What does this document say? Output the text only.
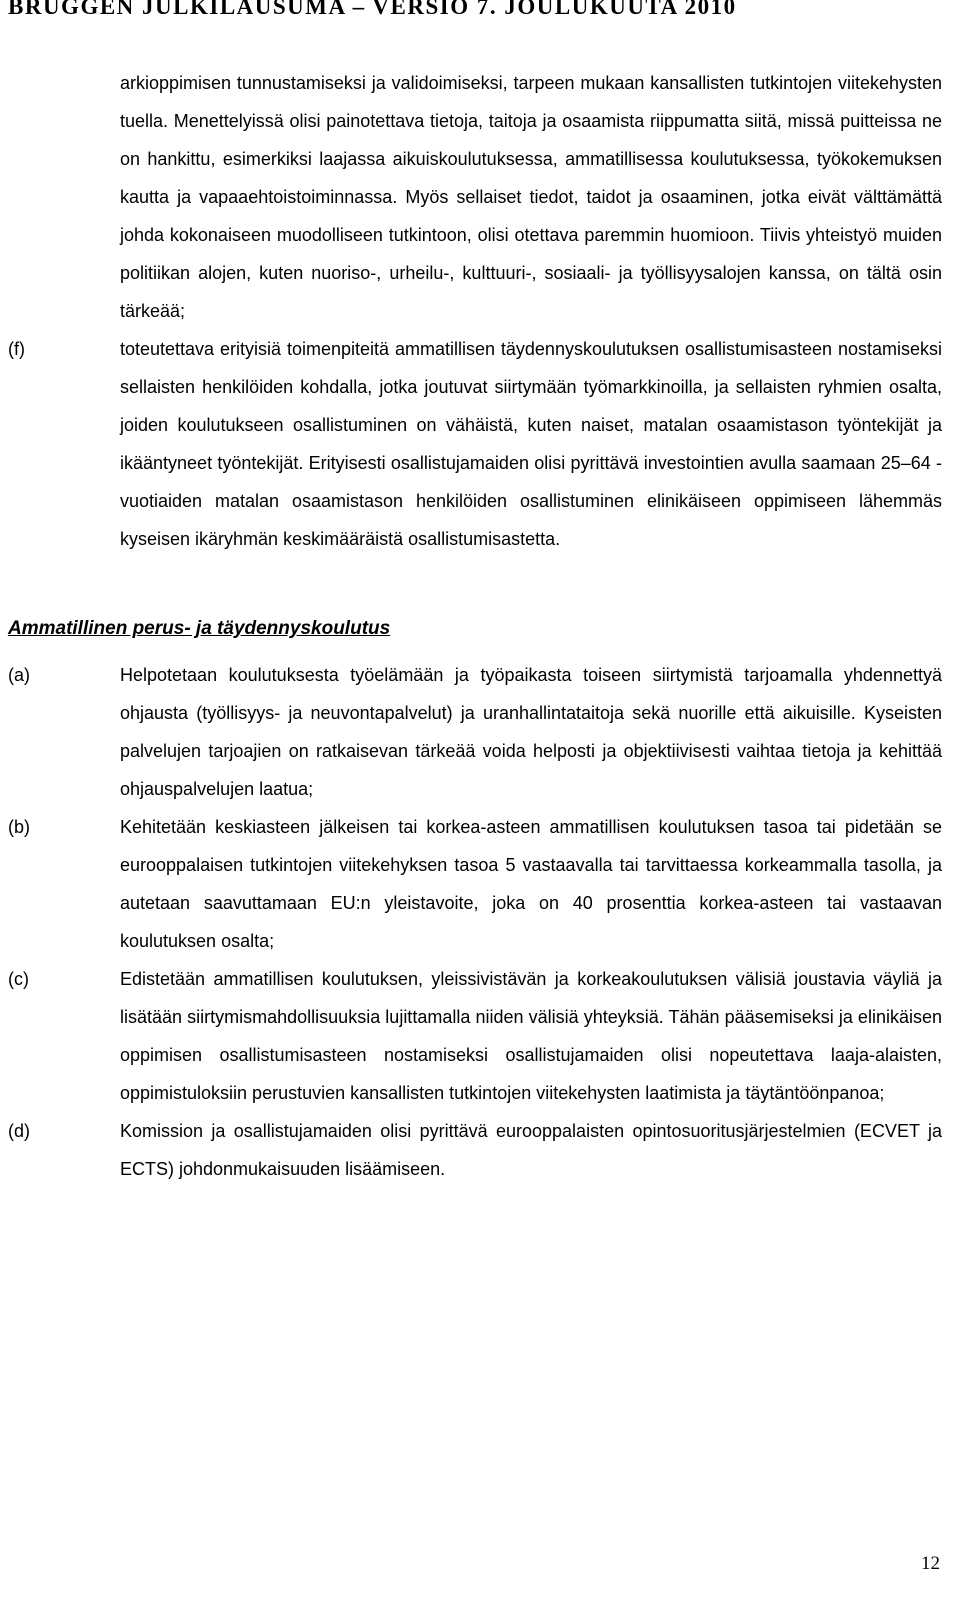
BRUGGEN JULKILAUSUMA – VERSIO 7. JOULUKUUTA 2010
arkioppimisen tunnustamiseksi ja validoimiseksi, tarpeen mukaan kansallisten tutkintojen viitekehysten tuella. Menettelyissä olisi painotettava tietoja, taitoja ja osaamista riippumatta siitä, missä puitteissa ne on hankittu, esimerkiksi laajassa aikuiskoulutuksessa, ammatillisessa koulutuksessa, työkokemuksen kautta ja vapaaehtoistoiminnassa. Myös sellaiset tiedot, taidot ja osaaminen, jotka eivät välttämättä johda kokonaiseen muodolliseen tutkintoon, olisi otettava paremmin huomioon. Tiivis yhteistyö muiden politiikan alojen, kuten nuoriso-, urheilu-, kulttuuri-, sosiaali- ja työllisyysalojen kanssa, on tältä osin tärkeää;
(f)	toteutettava erityisiä toimenpiteitä ammatillisen täydennyskoulutuksen osallistumisasteen nostamiseksi sellaisten henkilöiden kohdalla, jotka joutuvat siirtymään työmarkkinoilla, ja sellaisten ryhmien osalta, joiden koulutukseen osallistuminen on vähäistä, kuten naiset, matalan osaamistason työntekijät ja ikääntyneet työntekijät. Erityisesti osallistujamaiden olisi pyrittävä investointien avulla saamaan 25–64 -vuotiaiden matalan osaamistason henkilöiden osallistuminen elinikäiseen oppimiseen lähemmäs kyseisen ikäryhmän keskimääräistä osallistumisastetta.
Ammatillinen perus- ja täydennyskoulutus
(a)	Helpotetaan koulutuksesta työelämään ja työpaikasta toiseen siirtymistä tarjoamalla yhdennettyä ohjausta (työllisyys- ja neuvontapalvelut) ja uranhallintataitoja sekä nuorille että aikuisille. Kyseisten palvelujen tarjoajien on ratkaisevan tärkeää voida helposti ja objektiivisesti vaihtaa tietoja ja kehittää ohjauspalvelujen laatua;
(b)	Kehitetään keskiasteen jälkeisen tai korkea-asteen ammatillisen koulutuksen tasoa tai pidetään se eurooppalaisen tutkintojen viitekehyksen tasoa 5 vastaavalla tai tarvittaessa korkeammalla tasolla, ja autetaan saavuttamaan EU:n yleistavoite, joka on 40 prosenttia korkea-asteen tai vastaavan koulutuksen osalta;
(c)	Edistetään ammatillisen koulutuksen, yleissivistävän ja korkeakoulutuksen välisiä joustavia väyliä ja lisätään siirtymismahdollisuuksia lujittamalla niiden välisiä yhteyksiä. Tähän pääsemiseksi ja elinikäisen oppimisen osallistumisasteen nostamiseksi osallistujamaiden olisi nopeutettava laaja-alaisten, oppimistuloksiin perustuvien kansallisten tutkintojen viitekehysten laatimista ja täytäntöönpanoa;
(d)	Komission ja osallistujamaiden olisi pyrittävä eurooppalaisten opintosuoritusjärjestelmien (ECVET ja ECTS) johdonmukaisuuden lisäämiseen.
12
